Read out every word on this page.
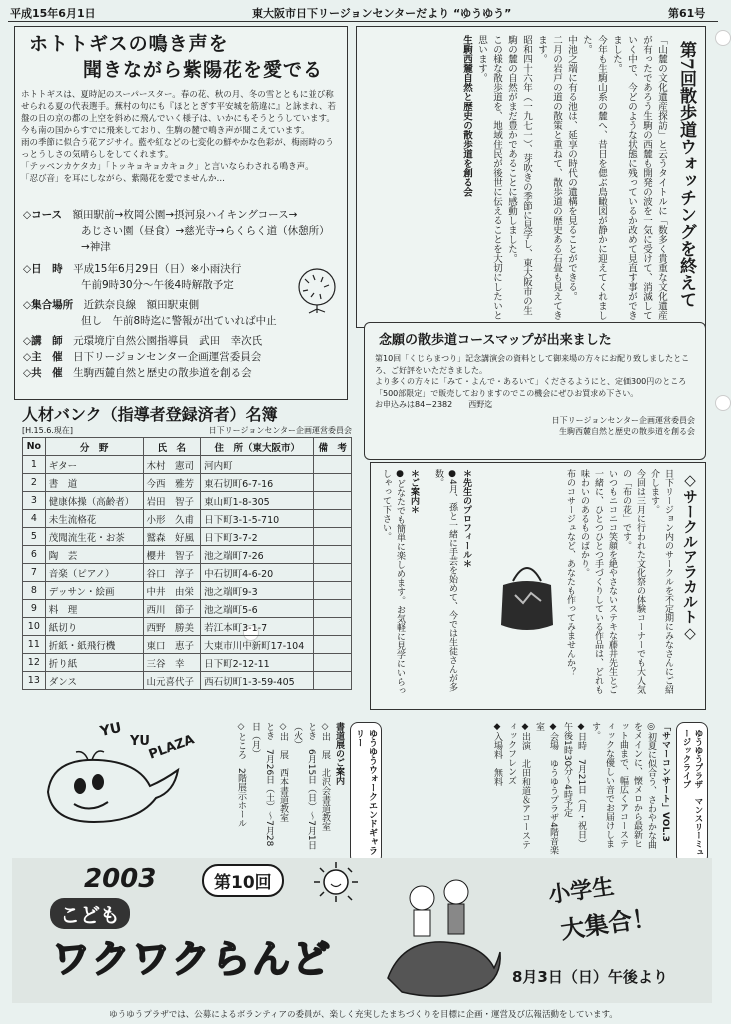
平成15年6月1日	東大阪市日下リージョンセンターだより “ゆうゆう”	第61号
ホトトギスの鳴き声を
聞きながら紫陽花を愛でる
ホトトギスは、夏時記のスーパースター。春の花、秋の月、冬の雪とともに並び称せられる夏の代表選手。蕪村の句にも『ほととぎす平安城を筋違に』と詠まれ、若盤の日の京の都の上空を斜めに飛んでいく様子は、いかにもそうとうしています。
今も南の国からすでに飛来しており、生駒の麓で鳴き声が聞こえています。
雨の季節に似合う花アジサイ。藍や紅などの七変化の鮮やかな色彩が、梅雨時のうっとうしさの気晴らしをしてくれます。
「テッペンカケタカ」「トッキョキョカキョク」と言いならわされる鳴き声。
「忍び音」を耳にしながら、紫陽花を愛でませんか…
◇コース　 額田駅前→枚岡公園→摂河泉ハイキングコース→
あじさい園（昼食）→慈光寺→らくらく道（休憩所）
→神津
◇日　時　 平成15年6月29日（日）※小雨決行
午前9時30分〜午後4時解散予定
◇集合場所　 近鉄奈良線　額田駅東側
但し　午前8時迄に警報が出ていれば中止
◇講　師　 元環境庁自然公園指導員　武田　幸次氏
◇主　催　 日下リージョンセンター企画運営委員会
◇共　催　 生駒西麓自然と歴史の散歩道を創る会
第7回散歩道ウォッチングを終えて

「山麓の文化遺産探訪」と云うタイトルに「数多く貴重な文化遺産が有ったであろう生駒の西麓も開発の波を一気に受けて、消滅していく中で、今どのような状態に残っているか改めて見直す事ができました。

今年も生駒山系の麓へ、昔日を偲ぶ鳥瞰図が静かに迎えてくれました。

中池之端に有る池は、延享の時代の遺構を見ることができる。

二月の岩戸の道の散策と重ねて、散歩道の歴史ある石畳も見えてきます。

昭和四十六年（一九七一）、芽吹きの季節に見学し、東大阪市の生駒の麓の自然がまだ豊かであることに感動しました。

この様な散歩道を、地域住民が後世に伝えることを大切にしたいと思います。

生駒西麓自然と歴史の散歩道を創る会

念願の散歩道コースマップが出来ました
第10回「くじらまつり」記念講演会の資料として御来場の方々にお配り致しましたところ、ご好評をいただきました。
より多くの方々に「みて・よんで・あるいて」くださるようにと、定価300円のところ「500部限定」で販売しておりますのでこの機会にぜひお買求め下さい。
お申込みは84−2382　　西野迄
日下リージョンセンター企画運営委員会
生駒西麓自然と歴史の散歩道を創る会
人材バンク（指導者登録済者）名簿
[H.15.6.現在]	日下リージョンセンター企画運営委員会
No	分　野	氏　名	住　所（東大阪市）	備　考
1	ギター	木村　憲司	河内町	
2	書　道	今西　雅芳	東石切町6-7-16	
3	健康体操（高齢者）	岩田　智子	東山町1-8-305	
4	未生流格花	小形　久甫	日下町3-1-5-710	
5	茂聞流生花・お茶	鷲森　好風	日下町3-7-2	
6	陶　芸	櫻井　智子	池之端町7-26	
7	音楽（ピアノ）	谷口　淳子	中石切町4-6-20	
8	デッサン・絵画	中井　由栄	池之端町9-3	
9	料　理	西川　節子	池之端町5-6	
10	紙切り	西野　勝美	若江本町3-1-7	
11	折紙・紙飛行機	東口　恵子	大東市川中新町17-104	
12	折り紙	三谷　幸	日下町2-12-11	
13	ダンス	山元喜代子	西石切町1-3-59-405	
◇サークルアラカルト◇

日下リージョン内のサークルを不定期にみなさんにご紹介します。

今回は三月に行われた文化祭の体験コーナーでも大人気の「布の花」です。

いつもニコニコ笑顔を絶やさないステキな藤井先生とご一緒に、ひとつひとつ手づくりしている作品は、どれも味わいのあるものばかり。

布のコサージュなど、あなたも作ってみませんか？

＊先生のプロフィール＊
●4月、孫と一緒に手芸を始めて、今では生徒さんが多数。
＊ご案内＊
●どなたでも簡単に楽しめます。お気軽に見学にいらっしゃって下さい。
YU
YU
PLAZA	ゆうゆうウォークエンドギャラリー
書道展のご案内
◇出　展　北沢会書道教室
とき　6月15日（日）〜7月1日（火）
◇出　展　西本書道教室
とき　7月26日（土）〜7月28日（月）
◇ところ　2階展示ホール	ゆうゆうプラザ　マンスリーミュージックライブ
「サマーコンサート」VOL.3
◎初夏に似合う、さわやかな曲をメインに、懐メロから最新ヒット曲まで、幅広くアコースティックな優しい音でお届けします。
◆日時　7月21日（月・祝日）午後1時30分〜4時予定
◆会場　ゆうゆうプラザ4階音楽室
◆出演　北田和道＆アコースティックフレンズ
◆入場料　無料
2003	第10回
こども
ワクワクらんど
小学生
大集合！
8月3日（日）午後より
ゆうゆうプラザでは、公募によるボランティアの委員が、楽しく充実したまちづくりを目標に企画・運営及び広報活動をしています。
